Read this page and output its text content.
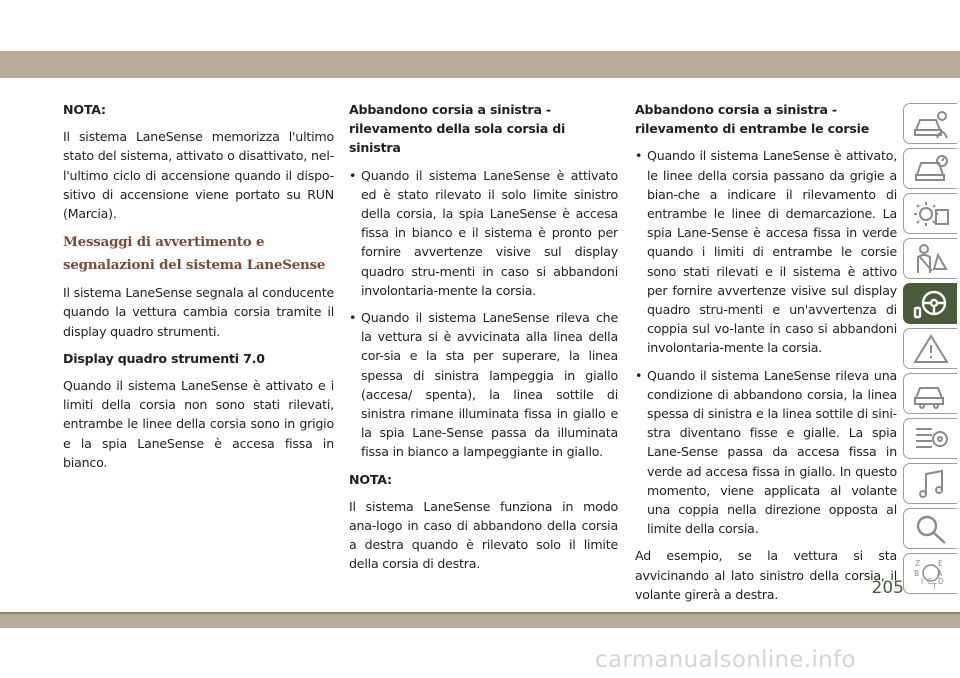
NOTA:

Il sistema LaneSense memorizza l'ultimo stato del sistema, attivato o disattivato, nel-l'ultimo ciclo di accensione quando il dispo-sitivo di accensione viene portato su RUN (Marcia).

Messaggi di avvertimento e segnalazioni del sistema LaneSense

Il sistema LaneSense segnala al conducente quando la vettura cambia corsia tramite il display quadro strumenti.

Display quadro strumenti 7.0

Quando il sistema LaneSense è attivato e i limiti della corsia non sono stati rilevati, entrambe le linee della corsia sono in grigio e la spia LaneSense è accesa fissa in bianco.

Abbandono corsia a sinistra - rilevamento della sola corsia di sinistra

• Quando il sistema LaneSense è attivato ed è stato rilevato il solo limite sinistro della corsia, la spia LaneSense è accesa fissa in bianco e il sistema è pronto per fornire avvertenze visive sul display quadro stru-menti in caso si abbandoni involontaria-mente la corsia.
• Quando il sistema LaneSense rileva che la vettura si è avvicinata alla linea della cor-sia e la sta per superare, la linea spessa di sinistra lampeggia in giallo (accesa/ spenta), la linea sottile di sinistra rimane illuminata fissa in giallo e la spia Lane-Sense passa da illuminata fissa in bianco a lampeggiante in giallo.

NOTA:

Il sistema LaneSense funziona in modo ana-logo in caso di abbandono della corsia a destra quando è rilevato solo il limite della corsia di destra.

Abbandono corsia a sinistra - rilevamento di entrambe le corsie

• Quando il sistema LaneSense è attivato, le linee della corsia passano da grigie a bian-che a indicare il rilevamento di entrambe le linee di demarcazione. La spia Lane-Sense è accesa fissa in verde quando i limiti di entrambe le corsie sono stati rilevati e il sistema è attivo per fornire avvertenze visive sul display quadro stru-menti e un'avvertenza di coppia sul vo-lante in caso si abbandoni involontaria-mente la corsia.
• Quando il sistema LaneSense rileva una condizione di abbandono corsia, la linea spessa di sinistra e la linea sottile di sini-stra diventano fisse e gialle. La spia Lane-Sense passa da accesa fissa in verde ad accesa fissa in giallo. In questo momento, viene applicata al volante una coppia nella direzione opposta al limite della corsia.

Ad esempio, se la vettura si sta avvicinando al lato sinistro della corsia, il volante girerà a destra.

Z E
B A
I C D
T
205
carmanualsonline.info
